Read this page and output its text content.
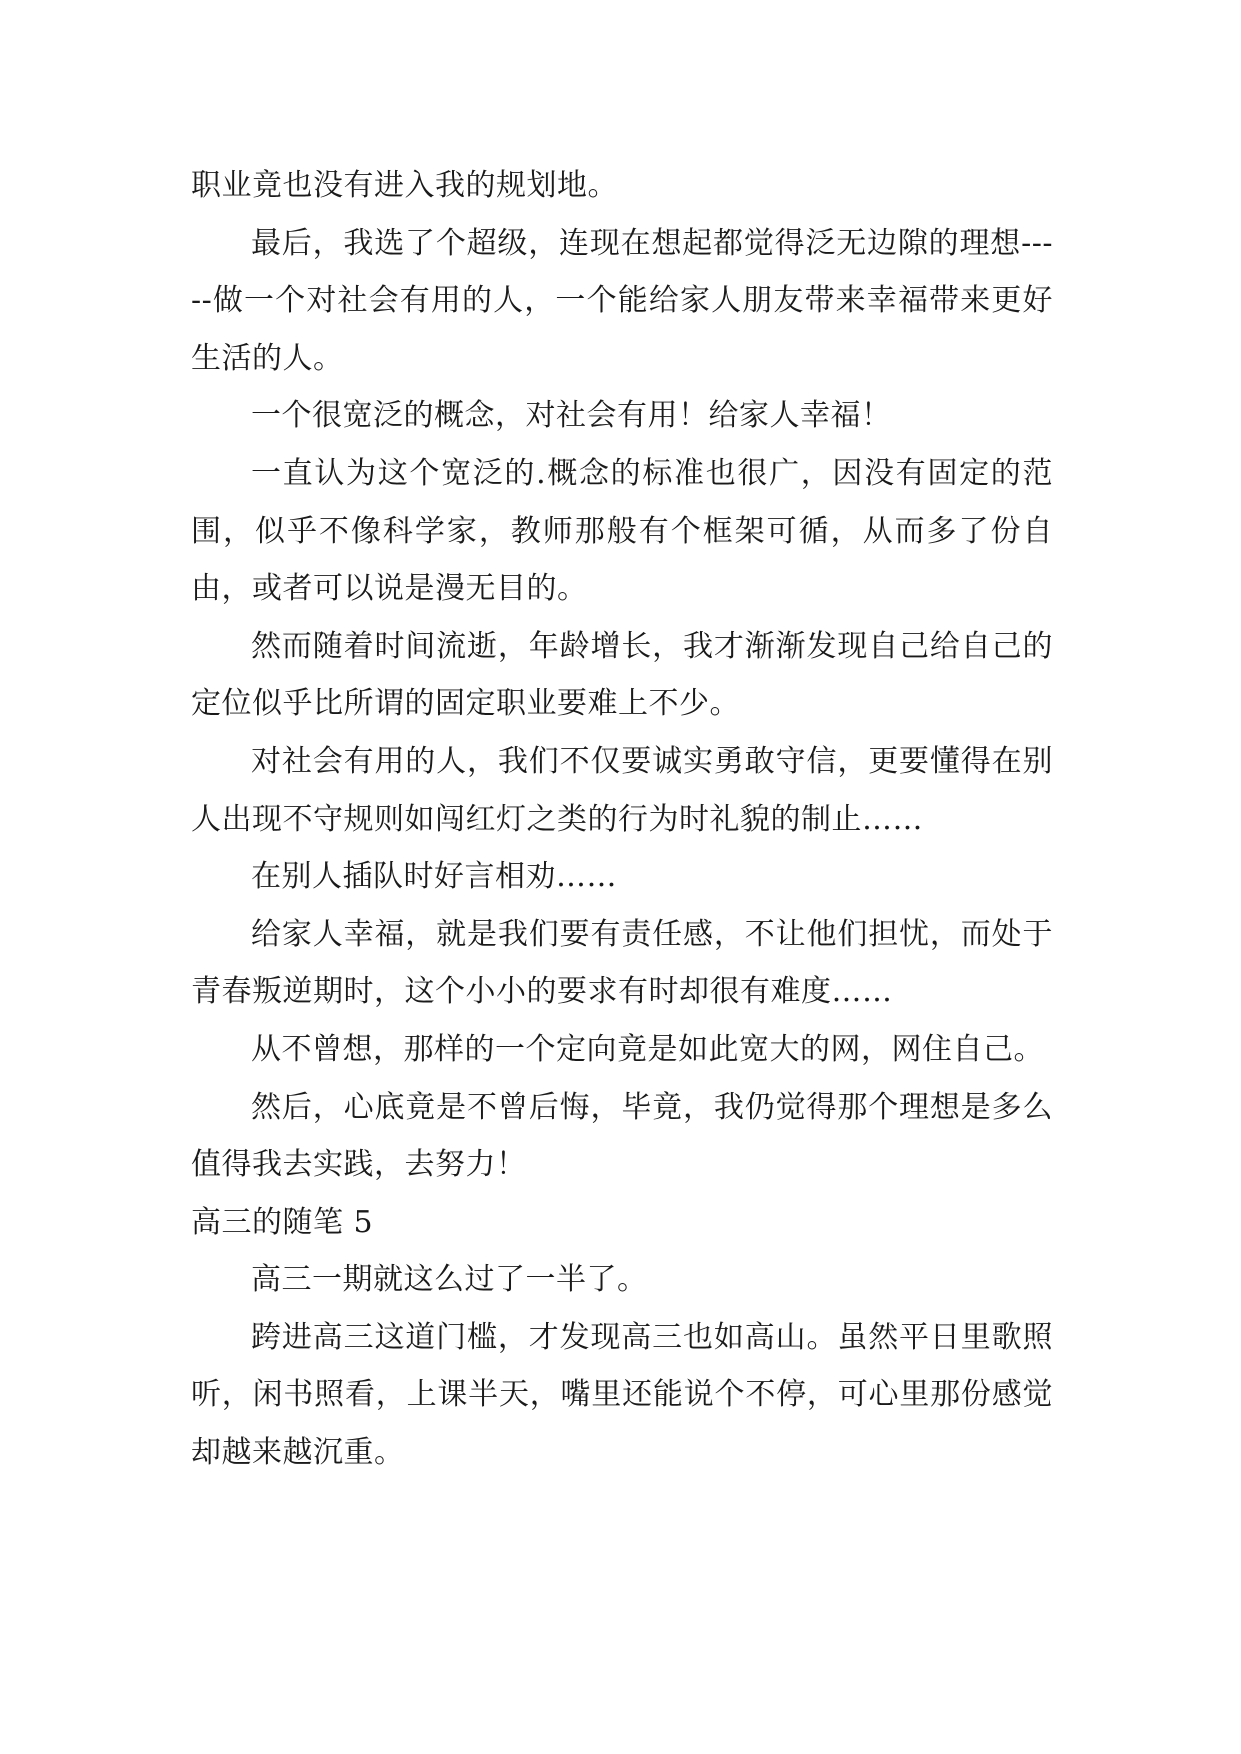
职业竟也没有进入我的规划地。

最后，我选了个超级，连现在想起都觉得泛无边隙的理想-----做一个对社会有用的人，一个能给家人朋友带来幸福带来更好生活的人。

一个很宽泛的概念，对社会有用！给家人幸福！

一直认为这个宽泛的.概念的标准也很广，因没有固定的范围，似乎不像科学家，教师那般有个框架可循，从而多了份自由，或者可以说是漫无目的。

然而随着时间流逝，年龄增长，我才渐渐发现自己给自己的定位似乎比所谓的固定职业要难上不少。

对社会有用的人，我们不仅要诚实勇敢守信，更要懂得在别人出现不守规则如闯红灯之类的行为时礼貌的制止……

在别人插队时好言相劝……

给家人幸福，就是我们要有责任感，不让他们担忧，而处于青春叛逆期时，这个小小的要求有时却很有难度……

从不曾想，那样的一个定向竟是如此宽大的网，网住自己。

然后，心底竟是不曾后悔，毕竟，我仍觉得那个理想是多么值得我去实践，去努力！

高三的随笔 5

高三一期就这么过了一半了。

跨进高三这道门槛，才发现高三也如高山。虽然平日里歌照听，闲书照看，上课半天，嘴里还能说个不停，可心里那份感觉却越来越沉重。
